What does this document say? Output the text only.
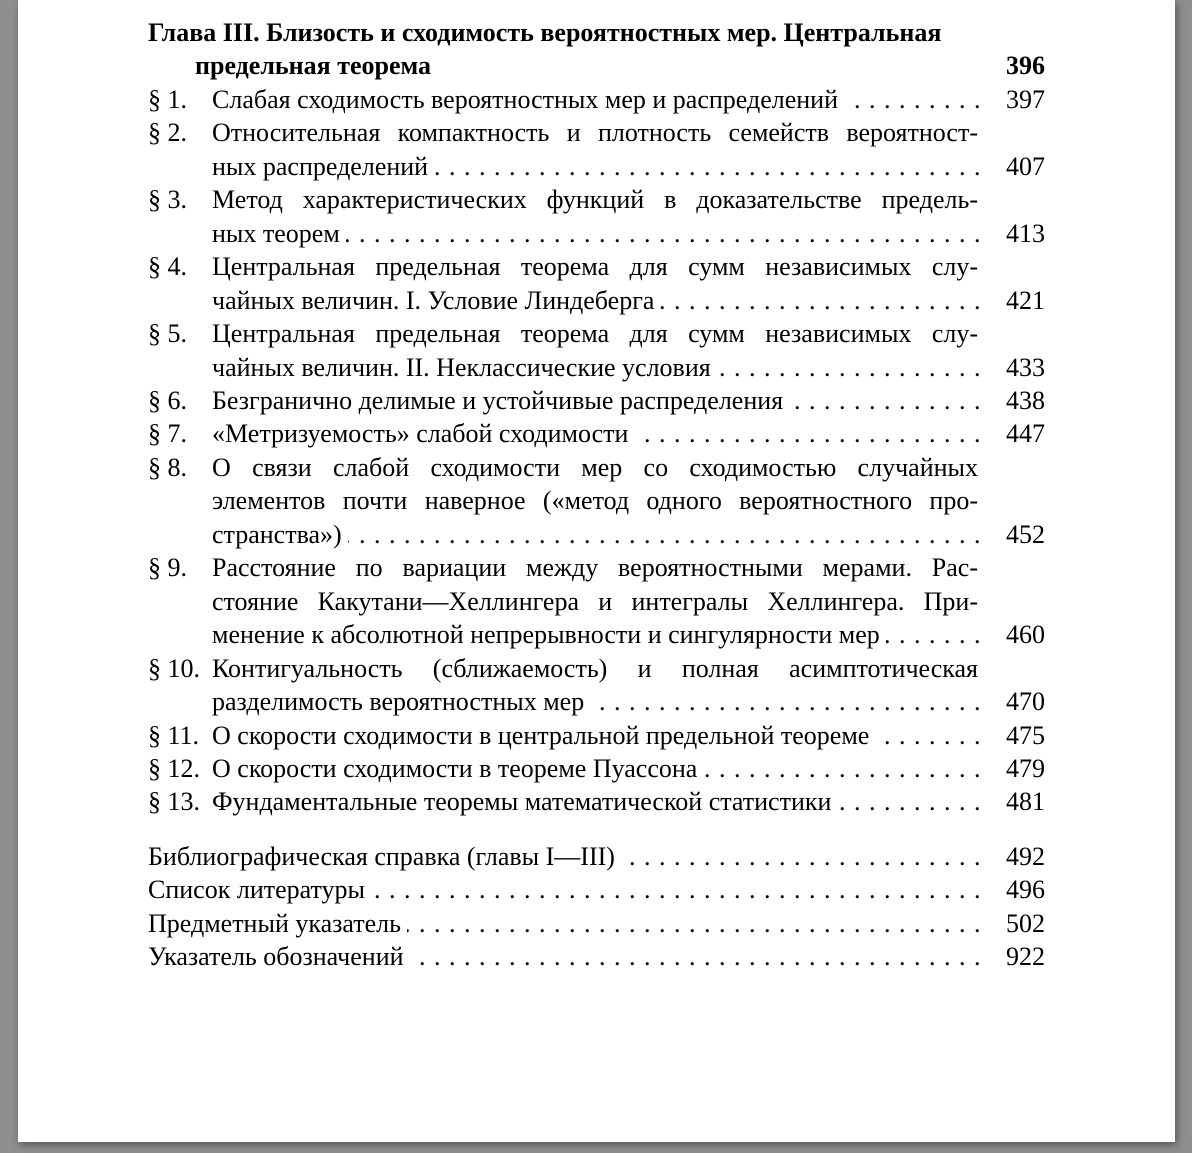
Глава III. Близость и сходимость вероятностных мер. Центральная
предельная теорема	396
§ 1. Слабая сходимость вероятностных мер и распределений .....	397
§ 2. Относительная компактность и плотность семейств вероятност-
ных распределений .....	407
§ 3. Метод характеристических функций в доказательстве предель-
ных теорем .....	413
§ 4. Центральная предельная теорема для сумм независимых слу-
чайных величин. I. Условие Линдеберга .....	421
§ 5. Центральная предельная теорема для сумм независимых слу-
чайных величин. II. Неклассические условия .....	433
§ 6. Безгранично делимые и устойчивые распределения .....	438
§ 7. «Метризуемость» слабой сходимости .....	447
§ 8. О связи слабой сходимости мер со сходимостью случайных
элементов почти наверное («метод одного вероятностного про-
странства») .....	452
§ 9. Расстояние по вариации между вероятностными мерами. Рас-
стояние Какутани—Хеллингера и интегралы Хеллингера. При-
менение к абсолютной непрерывности и сингулярности мер .....	460
§ 10. Контигуальность (сближаемость) и полная асимптотическая
разделимость вероятностных мер .....	470
§ 11. О скорости сходимости в центральной предельной теореме .....	475
§ 12. О скорости сходимости в теореме Пуассона .....	479
§ 13. Фундаментальные теоремы математической статистики .....	481
Библиографическая справка (главы I—III) .....	492
Список литературы .....	496
Предметный указатель .....	502
Указатель обозначений .....	922
